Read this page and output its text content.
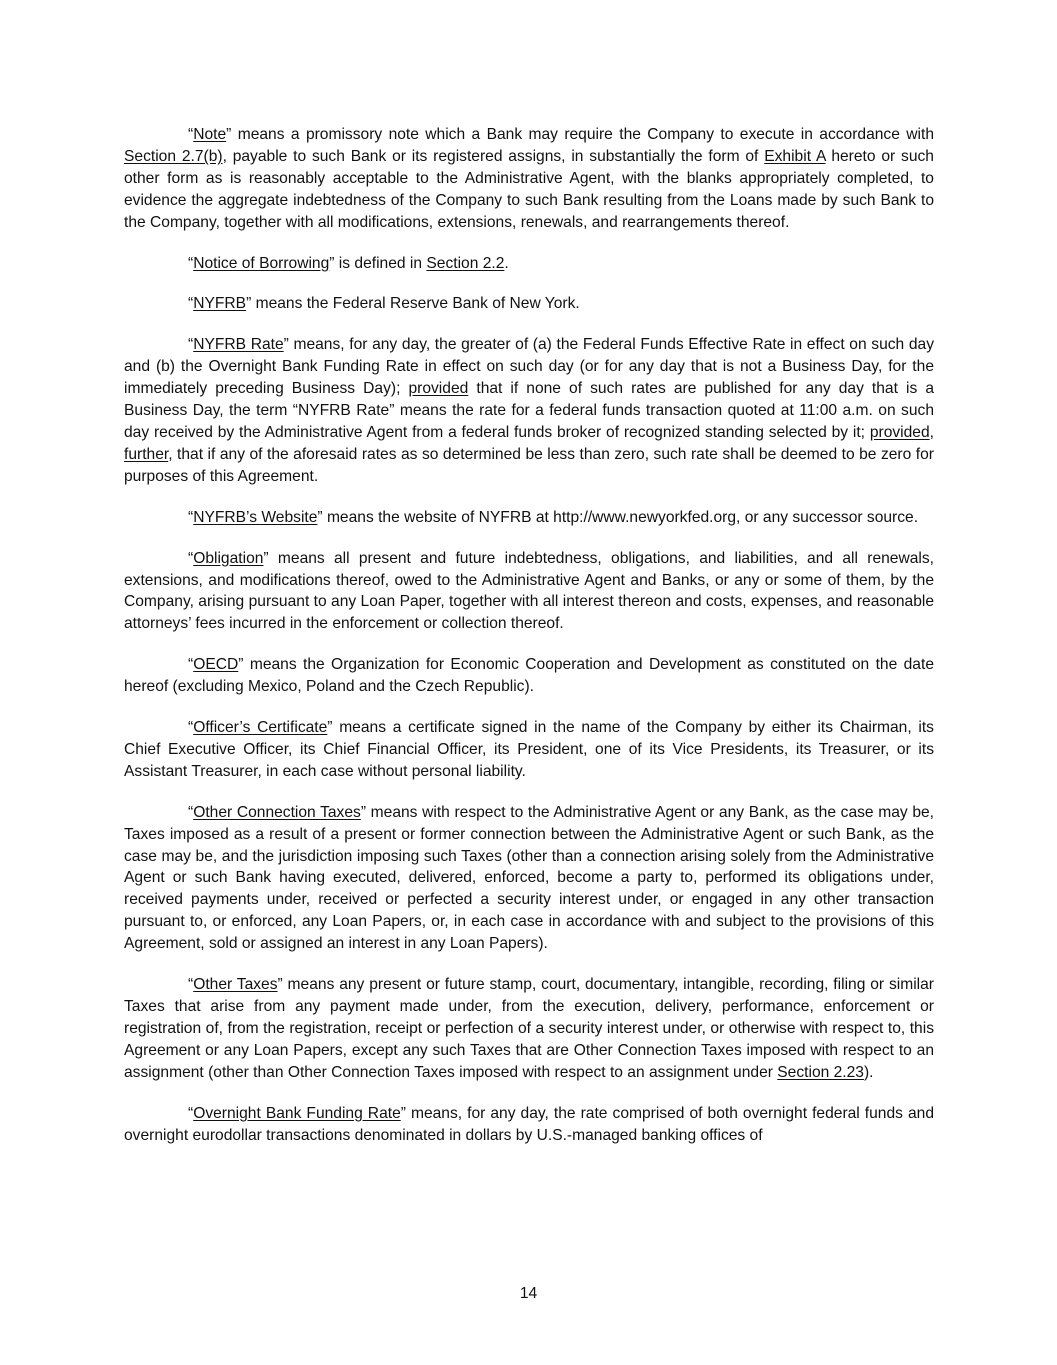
“Note” means a promissory note which a Bank may require the Company to execute in accordance with Section 2.7(b), payable to such Bank or its registered assigns, in substantially the form of Exhibit A hereto or such other form as is reasonably acceptable to the Administrative Agent, with the blanks appropriately completed, to evidence the aggregate indebtedness of the Company to such Bank resulting from the Loans made by such Bank to the Company, together with all modifications, extensions, renewals, and rearrangements thereof.

“Notice of Borrowing” is defined in Section 2.2.

“NYFRB” means the Federal Reserve Bank of New York.

“NYFRB Rate” means, for any day, the greater of (a) the Federal Funds Effective Rate in effect on such day and (b) the Overnight Bank Funding Rate in effect on such day (or for any day that is not a Business Day, for the immediately preceding Business Day); provided that if none of such rates are published for any day that is a Business Day, the term “NYFRB Rate” means the rate for a federal funds transaction quoted at 11:00 a.m. on such day received by the Administrative Agent from a federal funds broker of recognized standing selected by it; provided, further, that if any of the aforesaid rates as so determined be less than zero, such rate shall be deemed to be zero for purposes of this Agreement.

“NYFRB’s Website” means the website of NYFRB at http://www.newyorkfed.org, or any successor source.

“Obligation” means all present and future indebtedness, obligations, and liabilities, and all renewals, extensions, and modifications thereof, owed to the Administrative Agent and Banks, or any or some of them, by the Company, arising pursuant to any Loan Paper, together with all interest thereon and costs, expenses, and reasonable attorneys’ fees incurred in the enforcement or collection thereof.

“OECD” means the Organization for Economic Cooperation and Development as constituted on the date hereof (excluding Mexico, Poland and the Czech Republic).

“Officer’s Certificate” means a certificate signed in the name of the Company by either its Chairman, its Chief Executive Officer, its Chief Financial Officer, its President, one of its Vice Presidents, its Treasurer, or its Assistant Treasurer, in each case without personal liability.

“Other Connection Taxes” means with respect to the Administrative Agent or any Bank, as the case may be, Taxes imposed as a result of a present or former connection between the Administrative Agent or such Bank, as the case may be, and the jurisdiction imposing such Taxes (other than a connection arising solely from the Administrative Agent or such Bank having executed, delivered, enforced, become a party to, performed its obligations under, received payments under, received or perfected a security interest under, or engaged in any other transaction pursuant to, or enforced, any Loan Papers, or, in each case in accordance with and subject to the provisions of this Agreement, sold or assigned an interest in any Loan Papers).

“Other Taxes” means any present or future stamp, court, documentary, intangible, recording, filing or similar Taxes that arise from any payment made under, from the execution, delivery, performance, enforcement or registration of, from the registration, receipt or perfection of a security interest under, or otherwise with respect to, this Agreement or any Loan Papers, except any such Taxes that are Other Connection Taxes imposed with respect to an assignment (other than Other Connection Taxes imposed with respect to an assignment under Section 2.23).

“Overnight Bank Funding Rate” means, for any day, the rate comprised of both overnight federal funds and overnight eurodollar transactions denominated in dollars by U.S.-managed banking offices of

14
